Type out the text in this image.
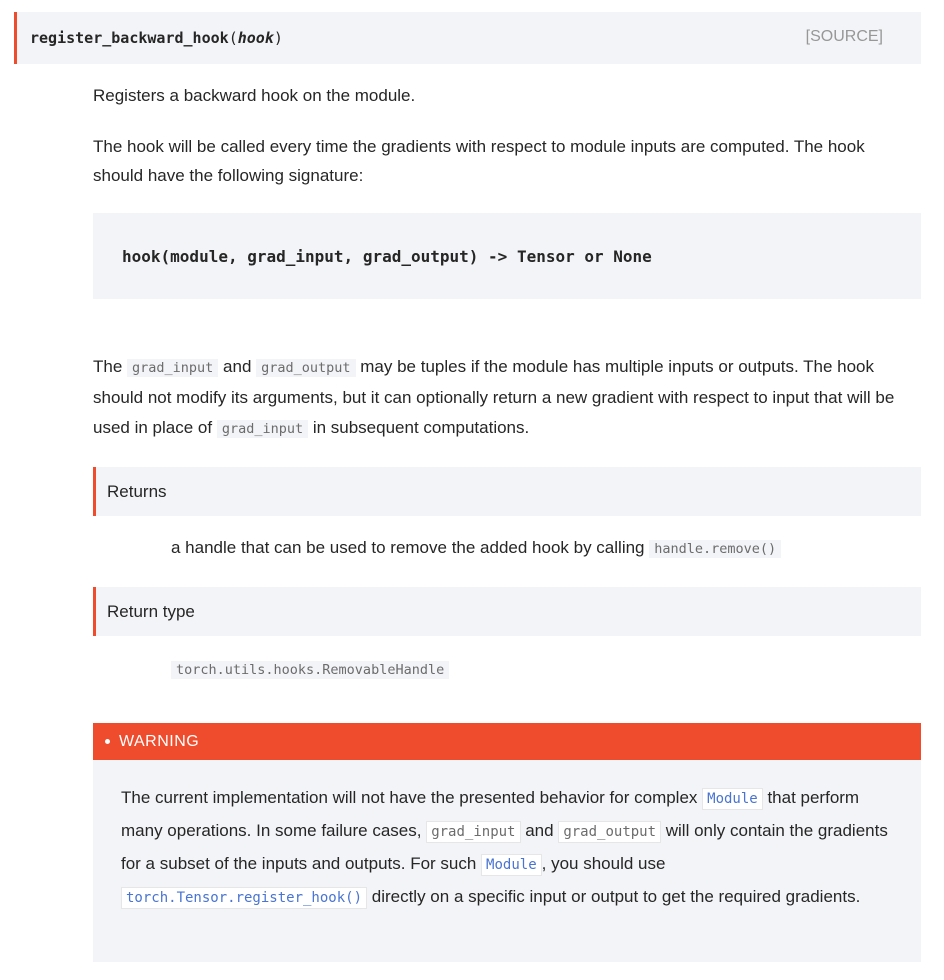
register_backward_hook ( hook )	[SOURCE]

Registers a backward hook on the module.

The hook will be called every time the gradients with respect to module inputs are computed. The hook should have the following signature:

hook(module, grad_input, grad_output) -> Tensor or None

The grad_input and grad_output may be tuples if the module has multiple inputs or outputs. The hook should not modify its arguments, but it can optionally return a new gradient with respect to input that will be used in place of grad_input in subsequent computations.

Returns

a handle that can be used to remove the added hook by calling handle.remove()

Return type

torch.utils.hooks.RemovableHandle

WARNING
The current implementation will not have the presented behavior for complex Module that perform many operations. In some failure cases, grad_input and grad_output will only contain the gradients for a subset of the inputs and outputs. For such Module , you should use torch.Tensor.register_hook() directly on a specific input or output to get the required gradients.
